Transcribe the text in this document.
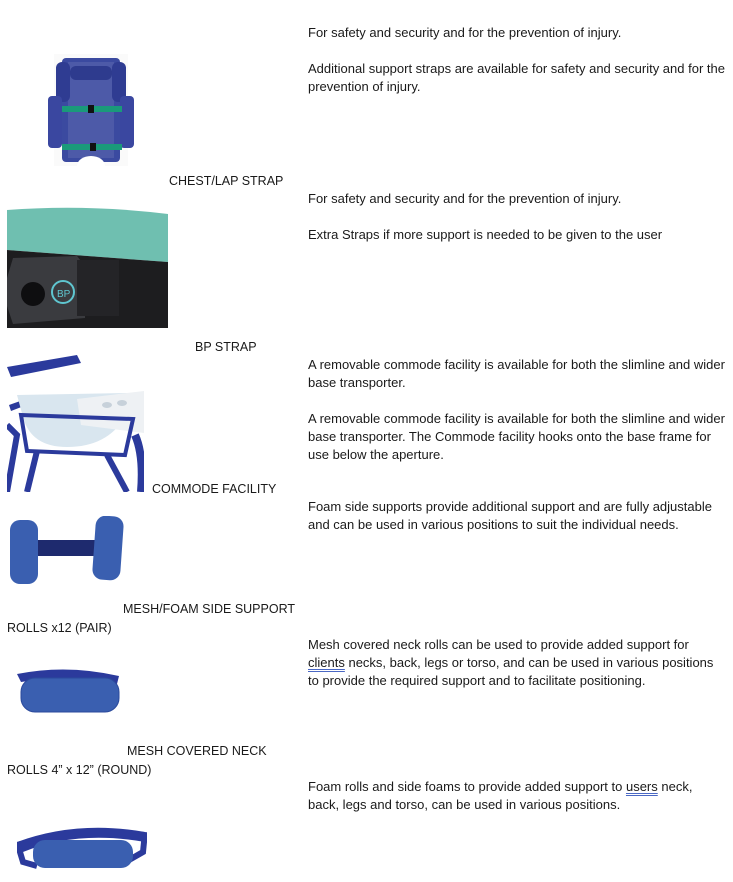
CHEST/LAP STRAP

For safety and security and for the prevention of injury.

Additional support straps are available for safety and security and for the prevention of injury.

BP
BP STRAP

For safety and security and for the prevention of injury.

Extra Straps if more support is needed to be given to the user

COMMODE FACILITY

A removable commode facility is available for both the slimline and wider base transporter.

A removable commode facility is available for both the slimline and wider base transporter. The Commode facility hooks onto the base frame for use below the aperture.

MESH/FOAM SIDE SUPPORT
ROLLS x12 (PAIR)

Foam side supports provide additional support and are fully adjustable and can be used in various positions to suit the individual needs.

MESH COVERED NECK
ROLLS 4” x 12” (ROUND)

Mesh covered neck rolls can be used to provide added support for clients necks, back, legs or torso, and can be used in various positions to provide the required support and to facilitate positioning.

Foam rolls and side foams to provide added support to users neck, back, legs and torso, can be used in various positions.
